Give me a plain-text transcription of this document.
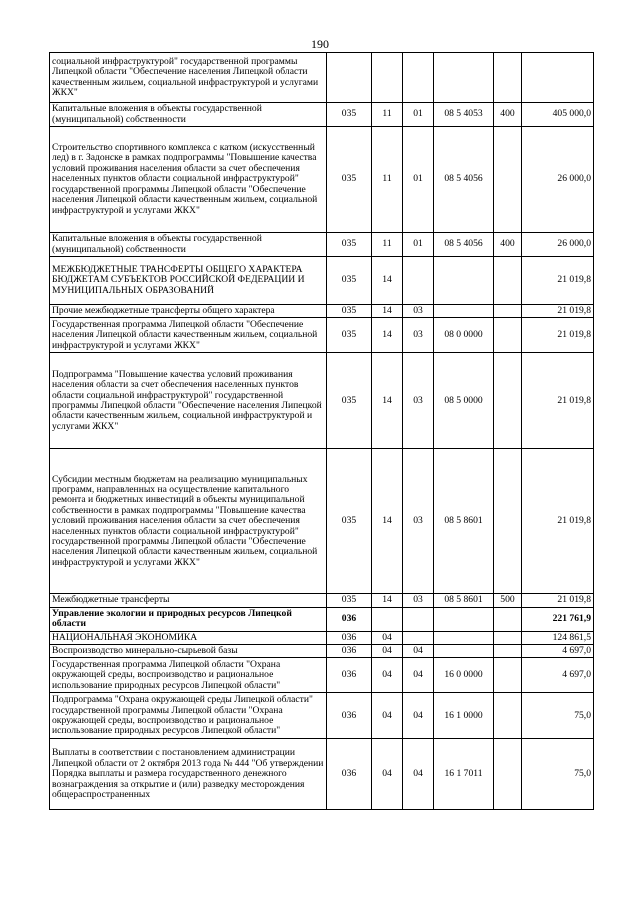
190
социальной инфраструктурой" государственной программы Липецкой области "Обеспечение населения Липецкой области качественным жильем, социальной инфраструктурой и услугами ЖКХ"						
Капитальные вложения в объекты государственной (муниципальной) собственности	035	11	01	08 5 4053	400	405 000,0
Строительство спортивного комплекса с катком (искусственный лед) в г. Задонске в рамках подпрограммы "Повышение качества условий проживания населения области за счет обеспечения населенных пунктов области социальной инфраструктурой" государственной программы Липецкой области "Обеспечение населения Липецкой области качественным жильем, социальной инфраструктурой и услугами ЖКХ"	035	11	01	08 5 4056		26 000,0
Капитальные вложения в объекты государственной (муниципальной) собственности	035	11	01	08 5 4056	400	26 000,0
МЕЖБЮДЖЕТНЫЕ ТРАНСФЕРТЫ ОБЩЕГО ХАРАКТЕРА БЮДЖЕТАМ СУБЪЕКТОВ РОССИЙСКОЙ ФЕДЕРАЦИИ И МУНИЦИПАЛЬНЫХ ОБРАЗОВАНИЙ	035	14				21 019,8
Прочие межбюджетные трансферты общего характера	035	14	03			21 019,8
Государственная программа Липецкой области "Обеспечение населения Липецкой области качественным жильем, социальной инфраструктурой и услугами ЖКХ"	035	14	03	08 0 0000		21 019,8
Подпрограмма "Повышение качества условий проживания населения области за счет обеспечения населенных пунктов области социальной инфраструктурой" государственной программы Липецкой области "Обеспечение населения Липецкой области качественным жильем, социальной инфраструктурой и услугами ЖКХ"	035	14	03	08 5 0000		21 019,8
Субсидии местным бюджетам на реализацию муниципальных программ, направленных на осуществление капитального ремонта и бюджетных инвестиций в объекты муниципальной собственности в рамках подпрограммы "Повышение качества условий проживания населения области за счет обеспечения населенных пунктов области социальной инфраструктурой" государственной программы Липецкой области "Обеспечение населения Липецкой области качественным жильем, социальной инфраструктурой и услугами ЖКХ"	035	14	03	08 5 8601		21 019,8
Межбюджетные трансферты	035	14	03	08 5 8601	500	21 019,8
Управление экологии и природных ресурсов Липецкой области	036					221 761,9
НАЦИОНАЛЬНАЯ ЭКОНОМИКА	036	04				124 861,5
Воспроизводство минерально-сырьевой базы	036	04	04			4 697,0
Государственная программа Липецкой области "Охрана окружающей среды, воспроизводство и рациональное использование природных ресурсов Липецкой области"	036	04	04	16 0 0000		4 697,0
Подпрограмма "Охрана окружающей среды Липецкой области" государственной программы Липецкой области "Охрана окружающей среды, воспроизводство и рациональное использование природных ресурсов Липецкой области"	036	04	04	16 1 0000		75,0
Выплаты в соответствии с постановлением администрации Липецкой области от 2 октября 2013 года № 444 "Об утверждении Порядка выплаты и размера государственного денежного вознаграждения за открытие и (или) разведку месторождения общераспространенных	036	04	04	16 1 7011		75,0
